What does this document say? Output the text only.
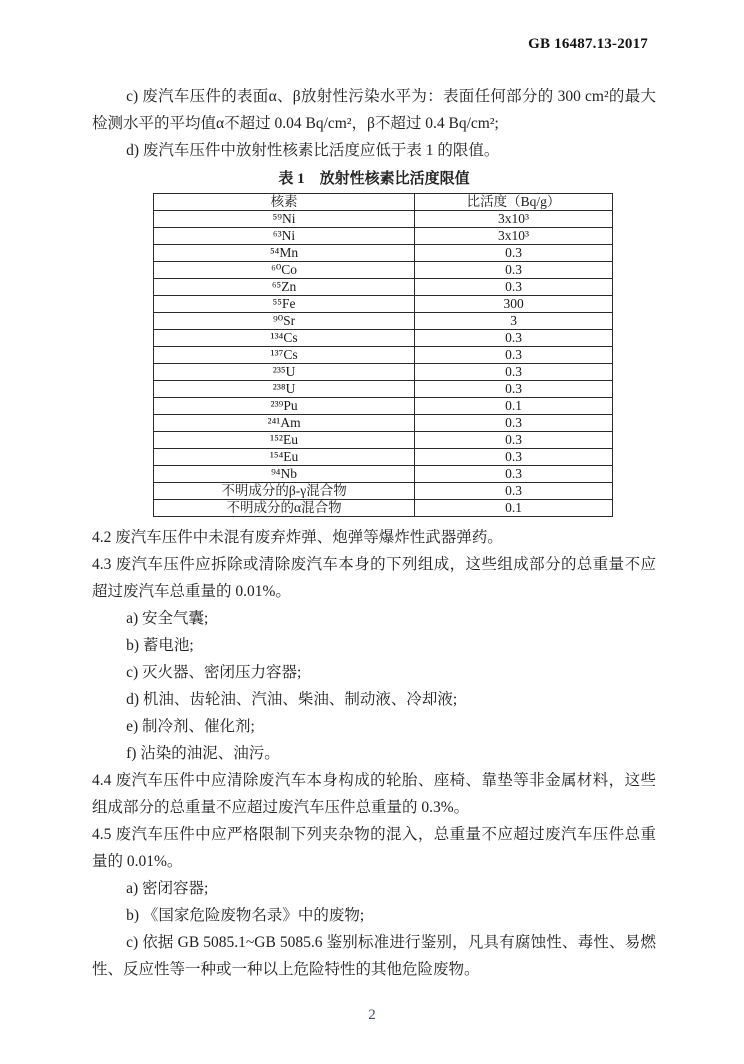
GB 16487.13-2017

c) 废汽车压件的表面α、β放射性污染水平为：表面任何部分的 300 cm²的最大检测水平的平均值α不超过 0.04 Bq/cm²，β不超过 0.4 Bq/cm²;

d) 废汽车压件中放射性核素比活度应低于表 1 的限值。

表 1　放射性核素比活度限值
核素	比活度（Bq/g）
⁵⁹Ni	3x10³
⁶³Ni	3x10³
⁵⁴Mn	0.3
⁶⁰Co	0.3
⁶⁵Zn	0.3
⁵⁵Fe	300
⁹⁰Sr	3
¹³⁴Cs	0.3
¹³⁷Cs	0.3
²³⁵U	0.3
²³⁸U	0.3
²³⁹Pu	0.1
²⁴¹Am	0.3
¹⁵²Eu	0.3
¹⁵⁴Eu	0.3
⁹⁴Nb	0.3
不明成分的β-γ混合物	0.3
不明成分的α混合物	0.1

4.2 废汽车压件中未混有废弃炸弹、炮弹等爆炸性武器弹药。

4.3 废汽车压件应拆除或清除废汽车本身的下列组成，这些组成部分的总重量不应超过废汽车总重量的 0.01%。

a) 安全气囊;

b) 蓄电池;

c) 灭火器、密闭压力容器;

d) 机油、齿轮油、汽油、柴油、制动液、冷却液;

e) 制冷剂、催化剂;

f) 沾染的油泥、油污。

4.4 废汽车压件中应清除废汽车本身构成的轮胎、座椅、靠垫等非金属材料，这些组成部分的总重量不应超过废汽车压件总重量的 0.3%。

4.5 废汽车压件中应严格限制下列夹杂物的混入，总重量不应超过废汽车压件总重量的 0.01%。

a) 密闭容器;

b) 《国家危险废物名录》中的废物;

c) 依据 GB 5085.1~GB 5085.6 鉴别标准进行鉴别，凡具有腐蚀性、毒性、易燃性、反应性等一种或一种以上危险特性的其他危险废物。

2
